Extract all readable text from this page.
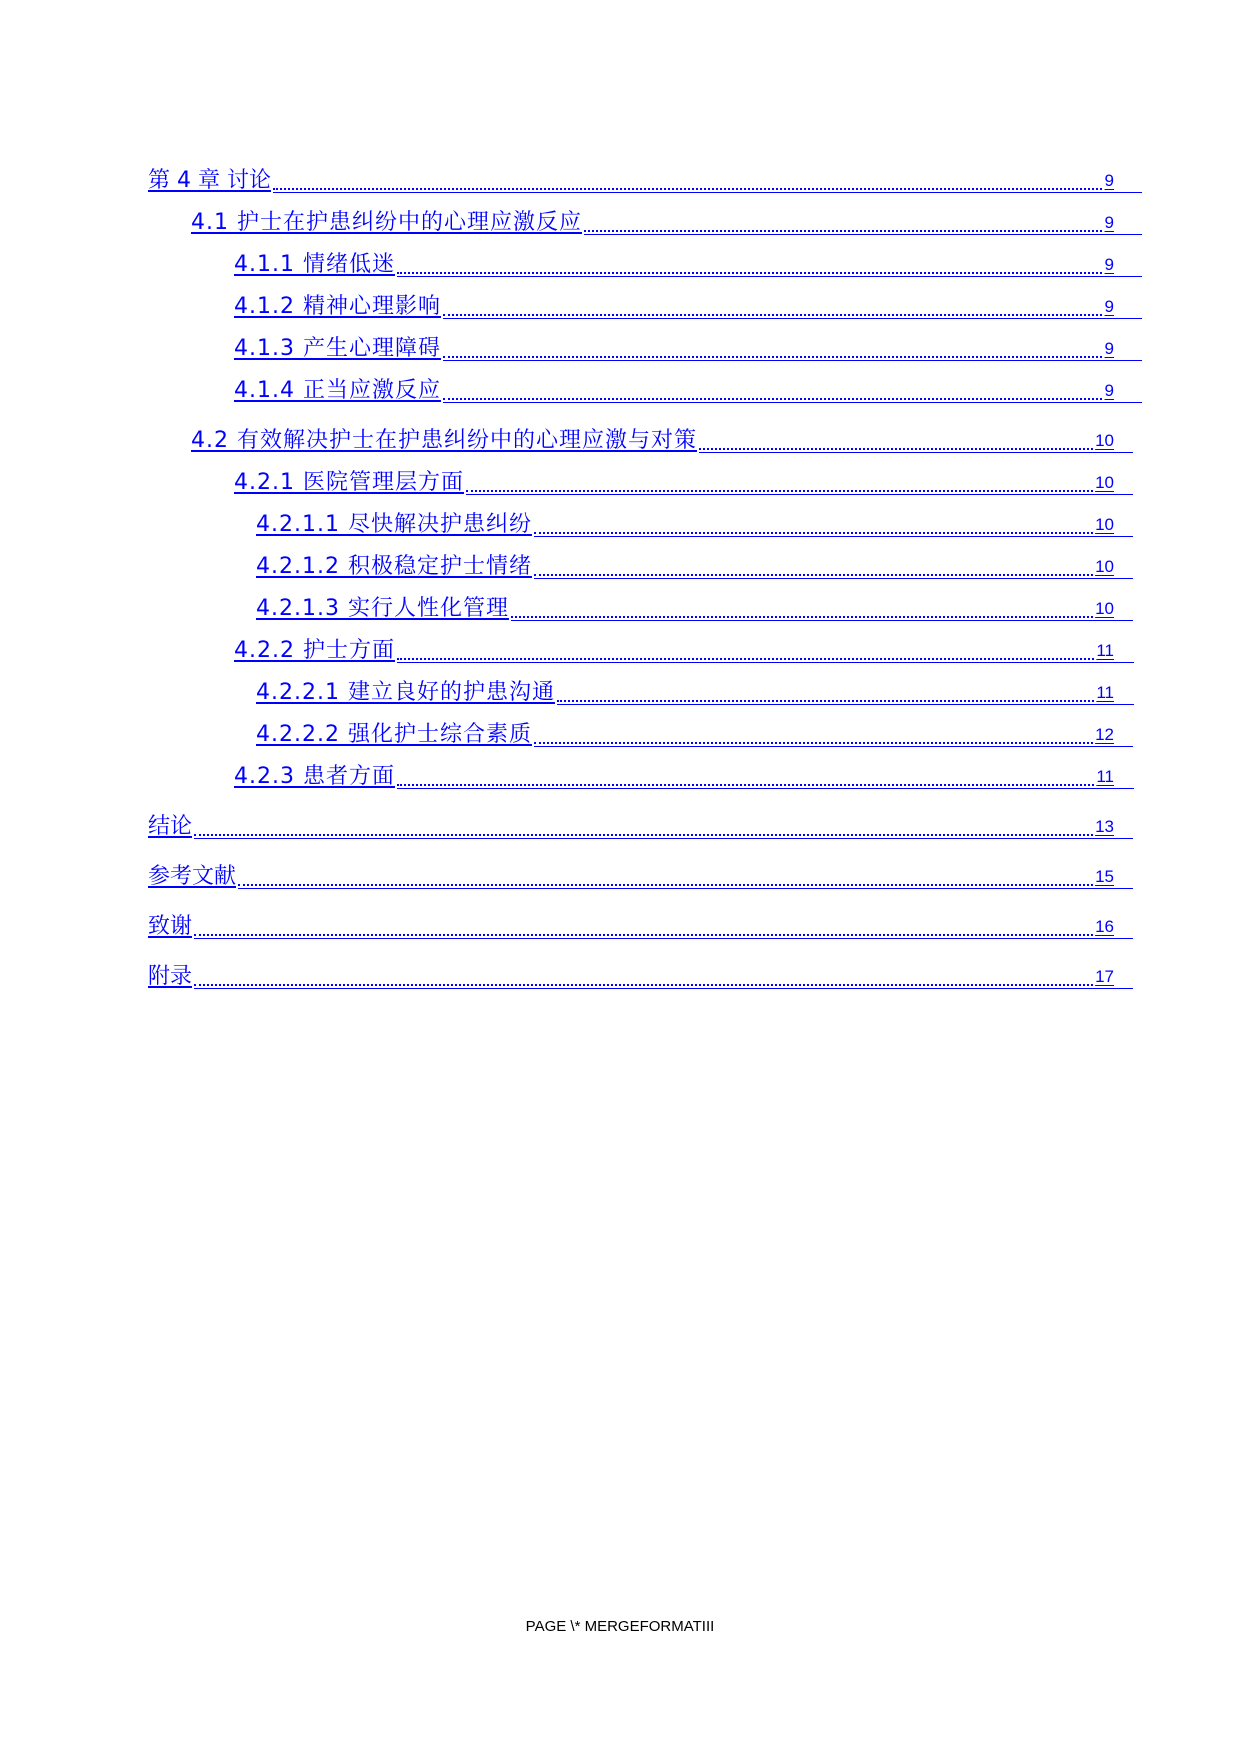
第 4 章 讨论	9
4.1 护士在护患纠纷中的心理应激反应	9
4.1.1 情绪低迷	9
4.1.2 精神心理影响	9
4.1.3 产生心理障碍	9
4.1.4 正当应激反应	9
4.2 有效解决护士在护患纠纷中的心理应激与对策	10
4.2.1 医院管理层方面	10
4.2.1.1 尽快解决护患纠纷	10
4.2.1.2 积极稳定护士情绪	10
4.2.1.3 实行人性化管理	10
4.2.2 护士方面	11
4.2.2.1 建立良好的护患沟通	11
4.2.2.2 强化护士综合素质	12
4.2.3 患者方面	11
结论	13
参考文献	15
致谢	16
附录	17
PAGE \* MERGEFORMATIII
